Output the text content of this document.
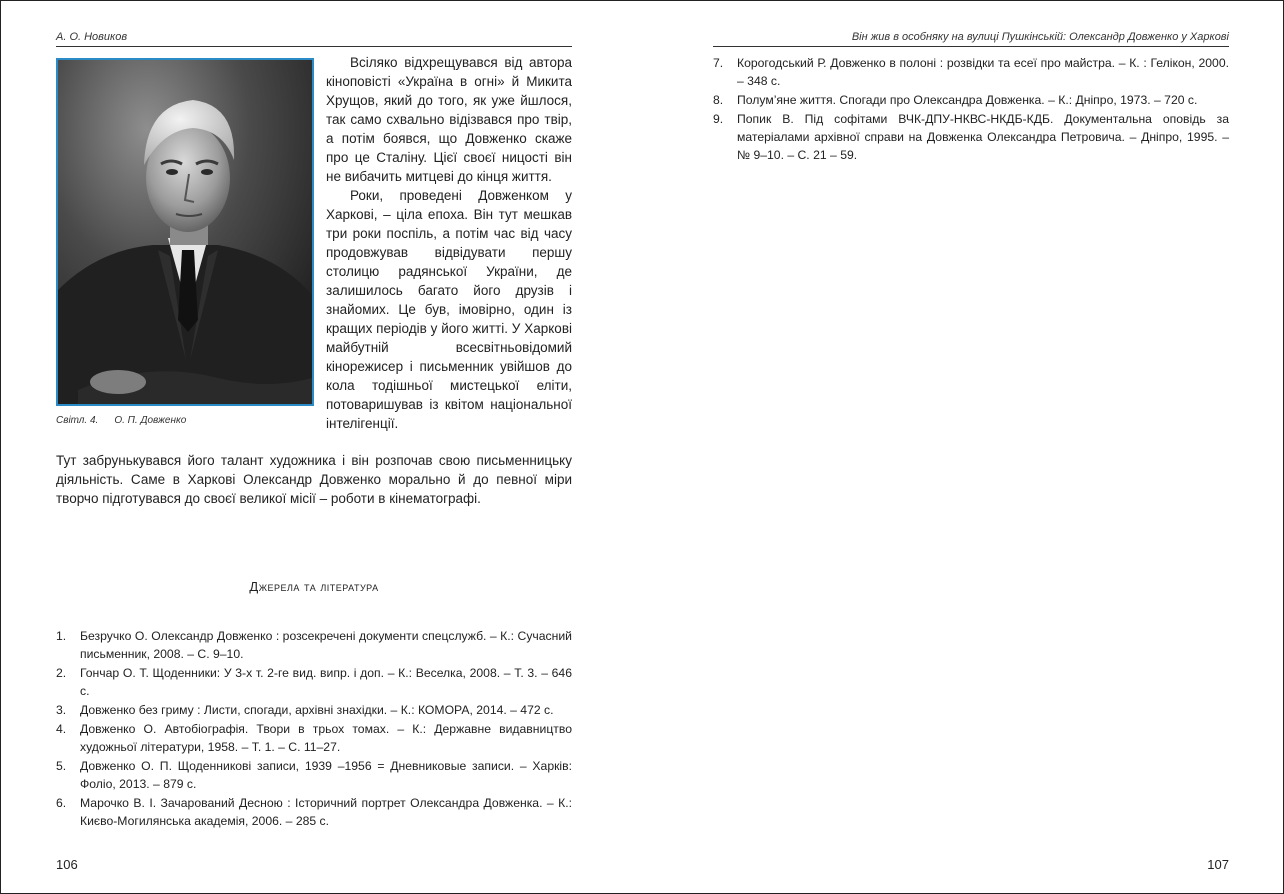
А. О. Новиков
Світл. 4. О. П. Довженко

Всіляко відхрещувався від автора кіноповісті «Україна в огні» й Микита Хрущов, який до того, як уже йшлося, так само схвально відізвався про твір, а потім боявся, що Довженко скаже про це Сталіну. Цієї своєї ницості він не вибачить митцеві до кінця життя.

Роки, проведені Довженком у Харкові, – ціла епоха. Він тут мешкав три роки поспіль, а потім час від часу продовжував відвідувати першу столицю радянської України, де залишилось багато його друзів і знайомих. Це був, імовірно, один із кращих періодів у його житті. У Харкові майбутній всесвітньовідомий кінорежисер і письменник увійшов до кола тодішньої мистецької еліти, потоваришував із квітом національної інтелігенції.

Тут забрунькувався його талант художника і він розпочав свою письменницьку діяльність. Саме в Харкові Олександр Довженко морально й до певної міри творчо підготувався до своєї великої місії – роботи в кінематографі.

Джерела та література
1. Безручко О. Олександр Довженко : розсекречені документи спецслужб. – К.: Сучасний письменник, 2008. – С. 9–10.
2. Гончар О. Т. Щоденники: У 3-х т. 2-ге вид. випр. і доп. – К.: Веселка, 2008. – Т. 3. – 646 с.
3. Довженко без гриму : Листи, спогади, архівні знахідки. – К.: КОМОРА, 2014. – 472 с.
4. Довженко О. Автобіографія. Твори в трьох томах. – К.: Державне видавництво художньої літератури, 1958. – Т. 1. – С. 11–27.
5. Довженко О. П. Щоденникові записи, 1939 –1956 = Дневниковые записи. – Харків: Фоліо, 2013. – 879 с.
6. Марочко В. І. Зачарований Десною : Історичний портрет Олександра Довженка. – К.: Києво-Могилянська академія, 2006. – 285 с.
106
Він жив в особняку на вулиці Пушкінській: Олександр Довженко у Харкові
7. Корогодський Р. Довженко в полоні : розвідки та есеї про майстра. – К. : Гелікон, 2000. – 348 с.
8. Полум’яне життя. Спогади про Олександра Довженка. – К.: Дніпро, 1973. – 720 с.
9. Попик В. Під софітами ВЧК-ДПУ-НКВС-НКДБ-КДБ. Документальна оповідь за матеріалами архівної справи на Довженка Олександра Петровича. – Дніпро, 1995. – № 9–10. – С. 21 – 59.
107
